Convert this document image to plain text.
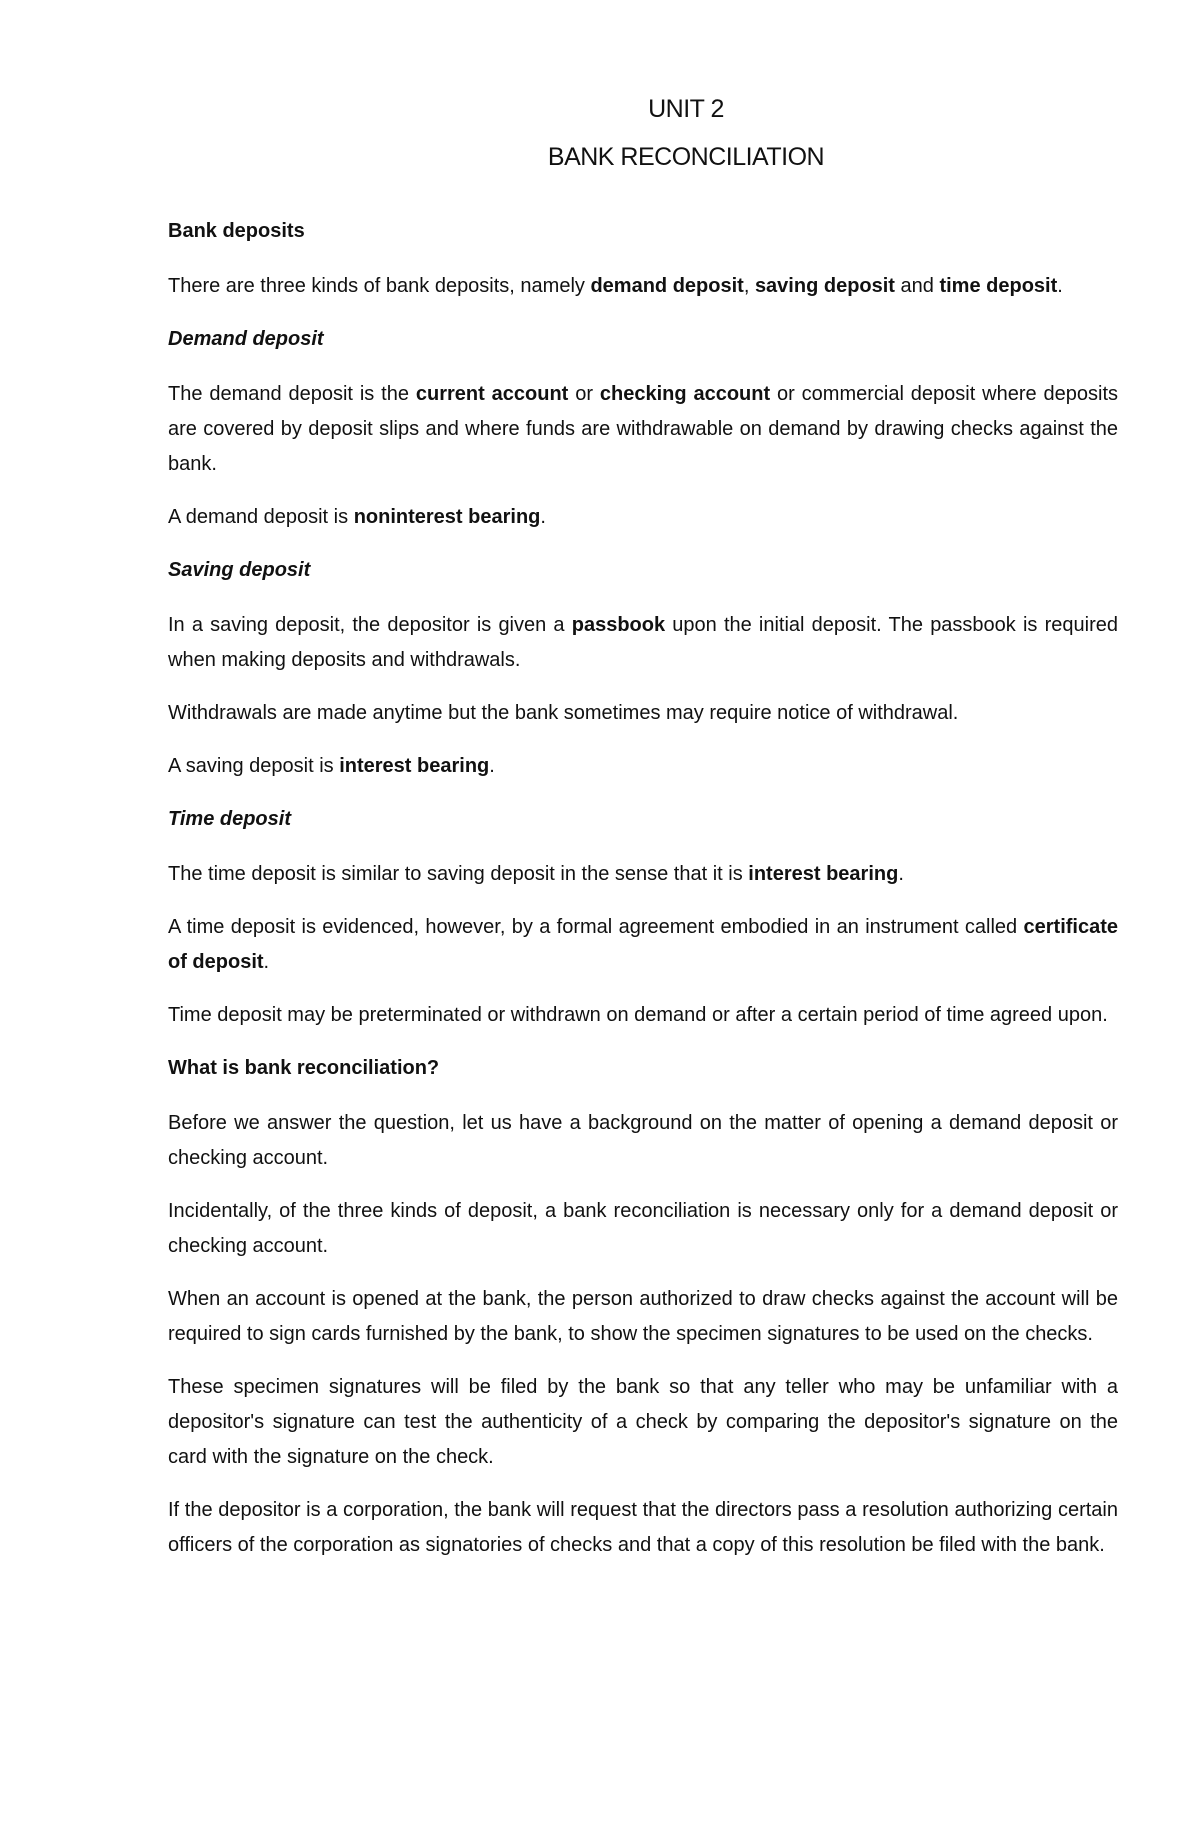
UNIT 2
BANK RECONCILIATION

Bank deposits

There are three kinds of bank deposits, namely demand deposit, saving deposit and time deposit.

Demand deposit

The demand deposit is the current account or checking account or commercial deposit where deposits are covered by deposit slips and where funds are withdrawable on demand by drawing checks against the bank.

A demand deposit is noninterest bearing.

Saving deposit

In a saving deposit, the depositor is given a passbook upon the initial deposit. The passbook is required when making deposits and withdrawals.

Withdrawals are made anytime but the bank sometimes may require notice of withdrawal.

A saving deposit is interest bearing.

Time deposit

The time deposit is similar to saving deposit in the sense that it is interest bearing.

A time deposit is evidenced, however, by a formal agreement embodied in an instrument called certificate of deposit.

Time deposit may be preterminated or withdrawn on demand or after a certain period of time agreed upon.

What is bank reconciliation?

Before we answer the question, let us have a background on the matter of opening a demand deposit or checking account.

Incidentally, of the three kinds of deposit, a bank reconciliation is necessary only for a demand deposit or checking account.

When an account is opened at the bank, the person authorized to draw checks against the account will be required to sign cards furnished by the bank, to show the specimen signatures to be used on the checks.

These specimen signatures will be filed by the bank so that any teller who may be unfamiliar with a depositor's signature can test the authenticity of a check by comparing the depositor's signature on the card with the signature on the check.

If the depositor is a corporation, the bank will request that the directors pass a resolution authorizing certain officers of the corporation as signatories of checks and that a copy of this resolution be filed with the bank.
